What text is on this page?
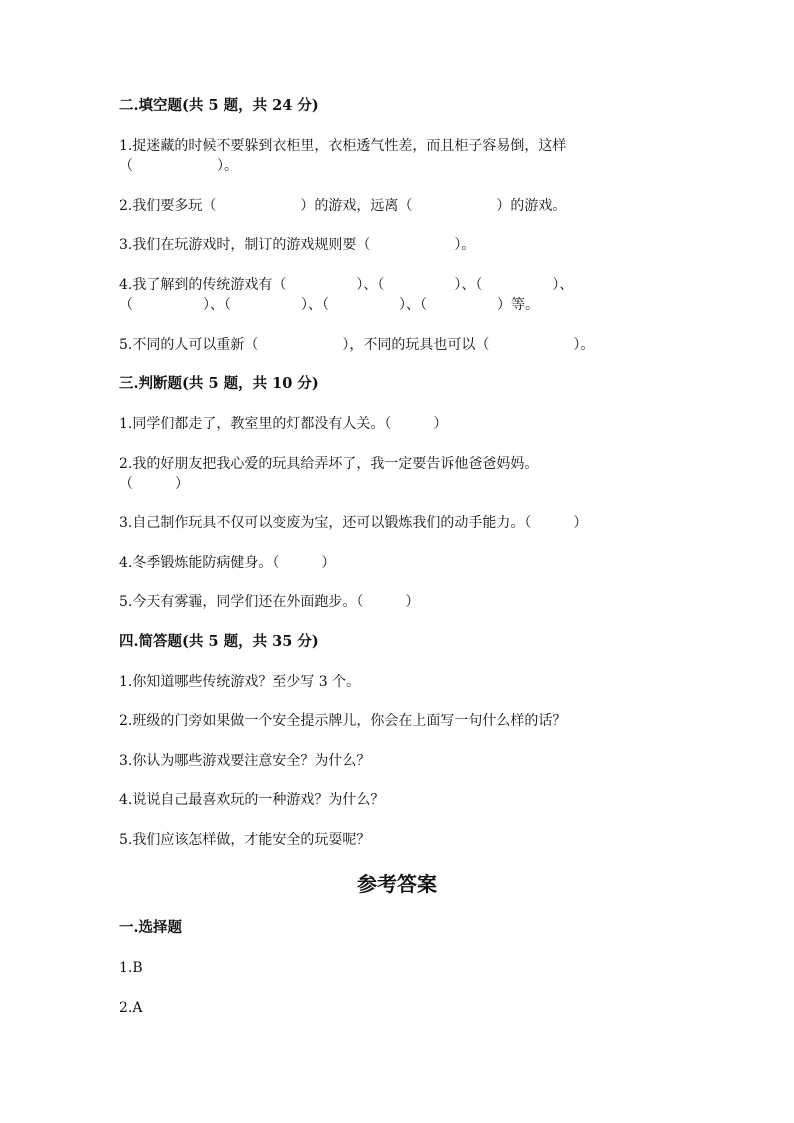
二.填空题(共 5 题，共 24 分)
1.捉迷藏的时候不要躲到衣柜里，衣柜透气性差，而且柜子容易倒，这样
（　　　　　　）。
2.我们要多玩（　　　　　　）的游戏，远离（　　　　　　）的游戏。
3.我们在玩游戏时，制订的游戏规则要（　　　　　　）。
4.我了解到的传统游戏有（　　　　　）、（　　　　　）、（　　　　　）、
（　　　　　）、（　　　　　）、（　　　　　）、（　　　　　）等。
5.不同的人可以重新（　　　　　　），不同的玩具也可以（　　　　　　）。
三.判断题(共 5 题，共 10 分)
1.同学们都走了，教室里的灯都没有人关。（　　　）
2.我的好朋友把我心爱的玩具给弄坏了，我一定要告诉他爸爸妈妈。
（　　　）
3.自己制作玩具不仅可以变废为宝，还可以锻炼我们的动手能力。（　　　）
4.冬季锻炼能防病健身。（　　　）
5.今天有雾霾，同学们还在外面跑步。（　　　）
四.简答题(共 5 题，共 35 分)
1.你知道哪些传统游戏？至少写 3 个。
2.班级的门旁如果做一个安全提示牌儿，你会在上面写一句什么样的话？
3.你认为哪些游戏要注意安全？为什么？
4.说说自己最喜欢玩的一种游戏？为什么？
5.我们应该怎样做，才能安全的玩耍呢？
参考答案
一.选择题
1.B
2.A
